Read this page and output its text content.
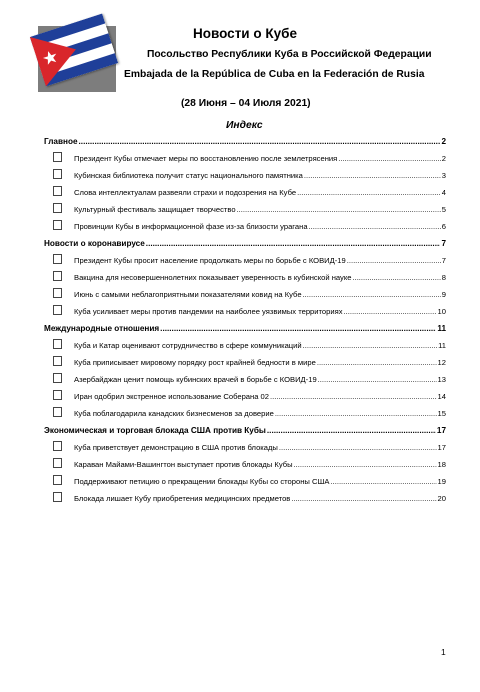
Новости о Кубе
Посольство Республики Куба в Российской Федерации
Embajada de la República de Cuba en la Federación de Rusia
(28 Июня – 04 Июля 2021)
Индекс
Главное .....	2
Президент Кубы отмечает меры по восстановлению после землетрясения .....	2
Кубинская библиотека получит статус национального памятника .....	3
Слова интеллектуалам развеяли страхи и подозрения на Кубе .....	4
Культурный фестиваль защищает творчество .....	5
Провинции Кубы в информационной фазе из-за близости урагана .....	6
Новости о коронавирусе .....	7
Президент Кубы просит население продолжать меры по борьбе с КОВИД-19 .....	7
Вакцина для несовершеннолетних показывает уверенность в кубинской науке .....	8
Июнь с самыми неблагоприятными показателями ковид на Кубе .....	9
Куба усиливает меры против пандемии на наиболее уязвимых территориях .....	10
Международные отношения .....	11
Куба и Катар оценивают сотрудничество в сфере коммуникаций .....	11
Куба приписывает мировому порядку рост крайней бедности в мире .....	12
Азербайджан ценит помощь кубинских врачей в борьбе с КОВИД-19 .....	13
Иран одобрил экстренное использование Соберана 02 .....	14
Куба поблагодарила канадских бизнесменов за доверие .....	15
Экономическая и торговая блокада США против Кубы .....	17
Куба приветствует демонстрацию в США против блокады .....	17
Караван Майами-Вашингтон выступает против блокады Кубы .....	18
Поддерживают петицию о прекращении блокады Кубы со стороны США .....	19
Блокада лишает Кубу приобретения медицинских предметов .....	20
1
